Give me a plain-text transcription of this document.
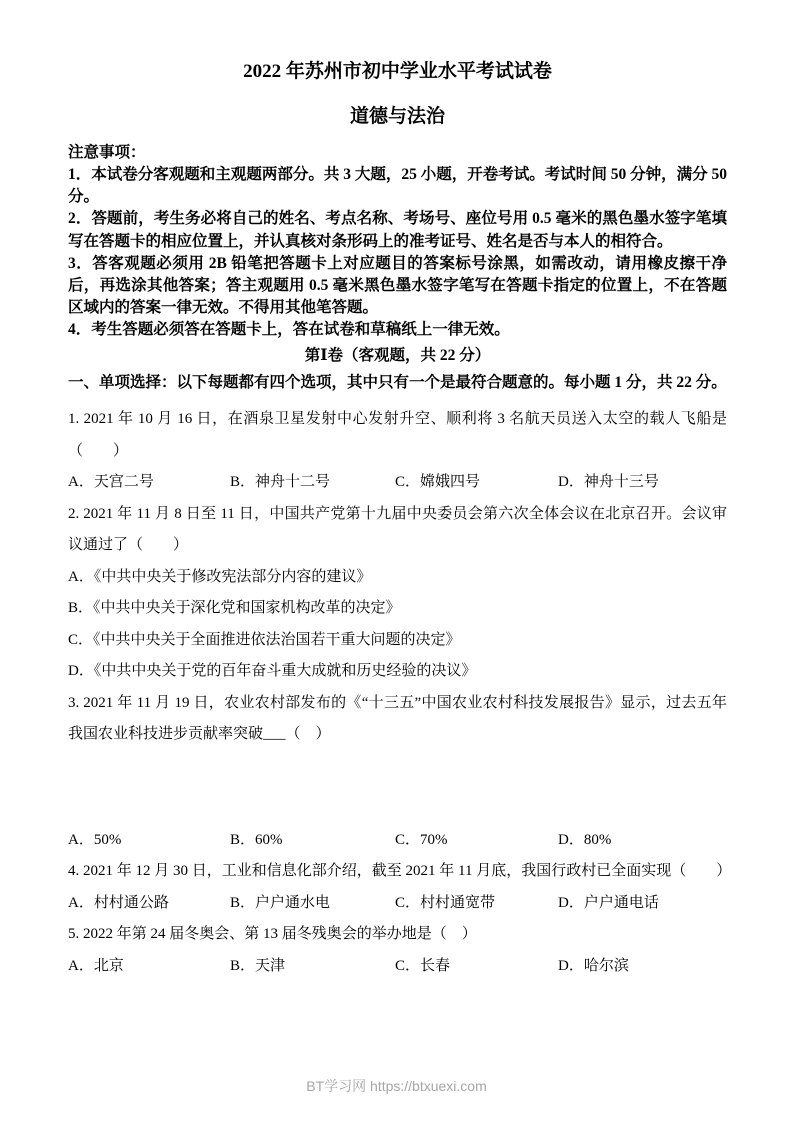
2022 年苏州市初中学业水平考试试卷
道德与法治

注意事项：

1．本试卷分客观题和主观题两部分。共 3 大题，25 小题，开卷考试。考试时间 50 分钟，满分 50 分。

2．答题前，考生务必将自己的姓名、考点名称、考场号、座位号用 0.5 毫米的黑色墨水签字笔填写在答题卡的相应位置上，并认真核对条形码上的准考证号、姓名是否与本人的相符合。

3．答客观题必须用 2B 铅笔把答题卡上对应题目的答案标号涂黑，如需改动，请用橡皮擦干净后，再选涂其他答案；答主观题用 0.5 毫米黑色墨水签字笔写在答题卡指定的位置上，不在答题区域内的答案一律无效。不得用其他笔答题。

4．考生答题必须答在答题卡上，答在试卷和草稿纸上一律无效。

第Ⅰ卷（客观题，共 22 分）

一、单项选择：以下每题都有四个选项，其中只有一个是最符合题意的。每小题 1 分，共 22 分。

1. 2021 年 10 月 16 日，在酒泉卫星发射中心发射升空、顺利将 3 名航天员送入太空的载人飞船是（　　）

A．天宫二号	B．神舟十二号	C．嫦娥四号	D．神舟十三号

2. 2021 年 11 月 8 日至 11 日，中国共产党第十九届中央委员会第六次全体会议在北京召开。会议审议通过了（　　）

A．《中共中央关于修改宪法部分内容的建议》

B．《中共中央关于深化党和国家机构改革的决定》

C．《中共中央关于全面推进依法治国若干重大问题的决定》

D．《中共中央关于党的百年奋斗重大成就和历史经验的决议》

3. 2021 年 11 月 19 日，农业农村部发布的《“十三五”中国农业农村科技发展报告》显示，过去五年我国农业科技进步贡献率突破___（　）

A．50%	B．60%	C．70%	D．80%

4. 2021 年 12 月 30 日，工业和信息化部介绍，截至 2021 年 11 月底，我国行政村已全面实现（　　）

A．村村通公路	B．户户通水电	C．村村通宽带	D．户户通电话

5. 2022 年第 24 届冬奥会、第 13 届冬残奥会的举办地是（　）

A．北京	B．天津	C．长春	D．哈尔滨
BT学习网 https://btxuexi.com
